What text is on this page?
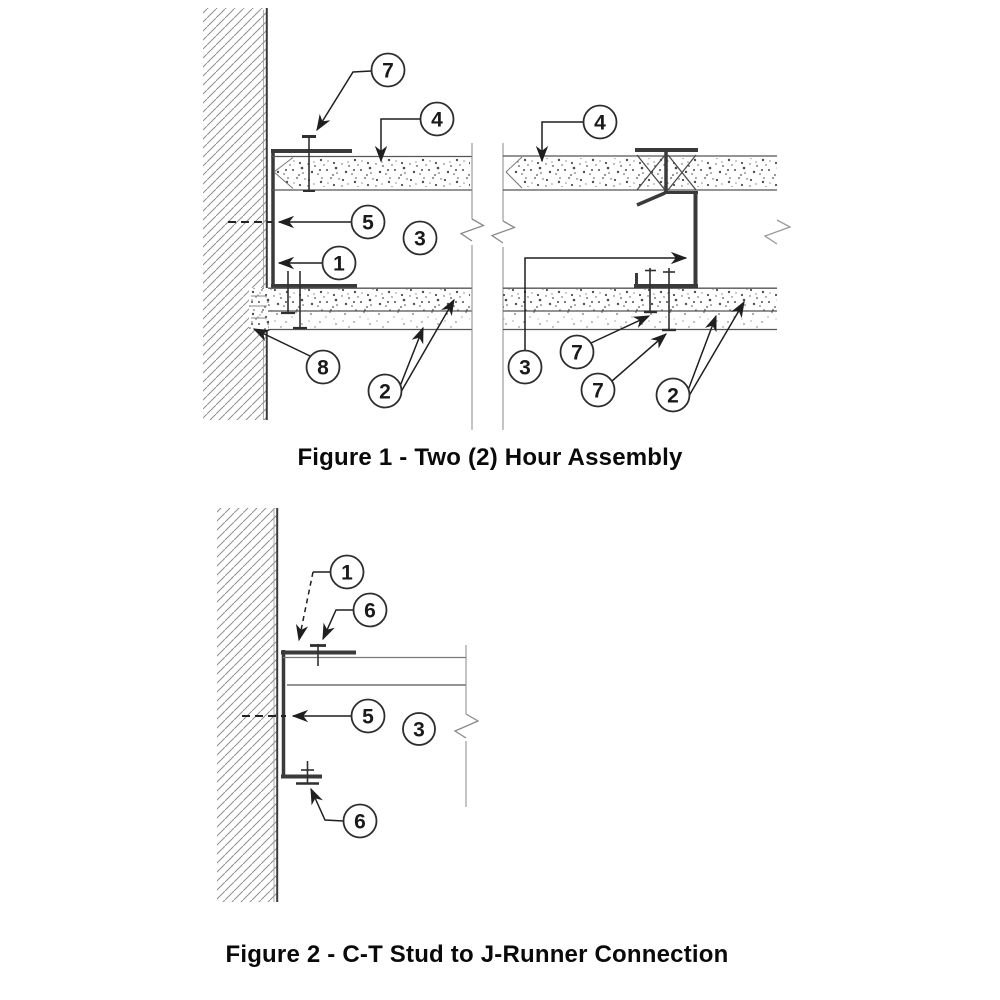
7
4
5
3
1
8
2
4
3
7
7	2
1
6
5
3
6
Figure 1 - Two (2) Hour Assembly
Figure 2 - C-T Stud to J-Runner Connection
